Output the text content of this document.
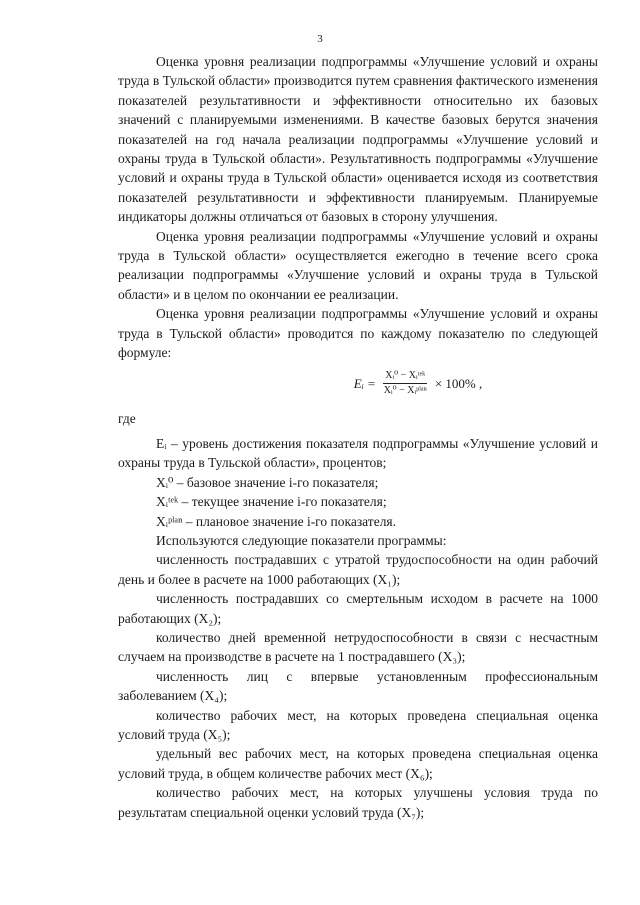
3

Оценка уровня реализации подпрограммы «Улучшение условий и охраны труда в Тульской области» производится путем сравнения фактического изменения показателей результативности и эффективности относительно их базовых значений с планируемыми изменениями. В качестве базовых берутся значения показателей на год начала реализации подпрограммы «Улучшение условий и охраны труда в Тульской области». Результативность подпрограммы «Улучшение условий и охраны труда в Тульской области» оценивается исходя из соответствия показателей результативности и эффективности планируемым. Планируемые индикаторы должны отличаться от базовых в сторону улучшения.

Оценка уровня реализации подпрограммы «Улучшение условий и охраны труда в Тульской области» осуществляется ежегодно в течение всего срока реализации подпрограммы «Улучшение условий и охраны труда в Тульской области» и в целом по окончании ее реализации.

Оценка уровня реализации подпрограммы «Улучшение условий и охраны труда в Тульской области» проводится по каждому показателю по следующей формуле:

Eᵢ = $\frac{\text{Xᵢ⁰ − Xᵢᵗᵉᵏ}}{\text{Xᵢ⁰ − Xᵢᵖˡᵃⁿ}} \times 100\%$ ,

где

Eᵢ – уровень достижения показателя подпрограммы «Улучшение условий и охраны труда в Тульской области», процентов;

Xᵢ⁰ – базовое значение i-го показателя;

Xᵢᵗᵉᵏ – текущее значение i-го показателя;

Xᵢᵖˡᵃⁿ – плановое значение i-го показателя.

Используются следующие показатели программы:

численность пострадавших с утратой трудоспособности на один рабочий день и более в расчете на 1000 работающих (X₁);

численность пострадавших со смертельным исходом в расчете на 1000 работающих (X₂);

количество дней временной нетрудоспособности в связи с несчастным случаем на производстве в расчете на 1 пострадавшего (X₃);

численность лиц с впервые установленным профессиональным заболеванием (X₄);

количество рабочих мест, на которых проведена специальная оценка условий труда (X₅);

удельный вес рабочих мест, на которых проведена специальная оценка условий труда, в общем количестве рабочих мест (X₆);

количество рабочих мест, на которых улучшены условия труда по результатам специальной оценки условий труда (X₇);
